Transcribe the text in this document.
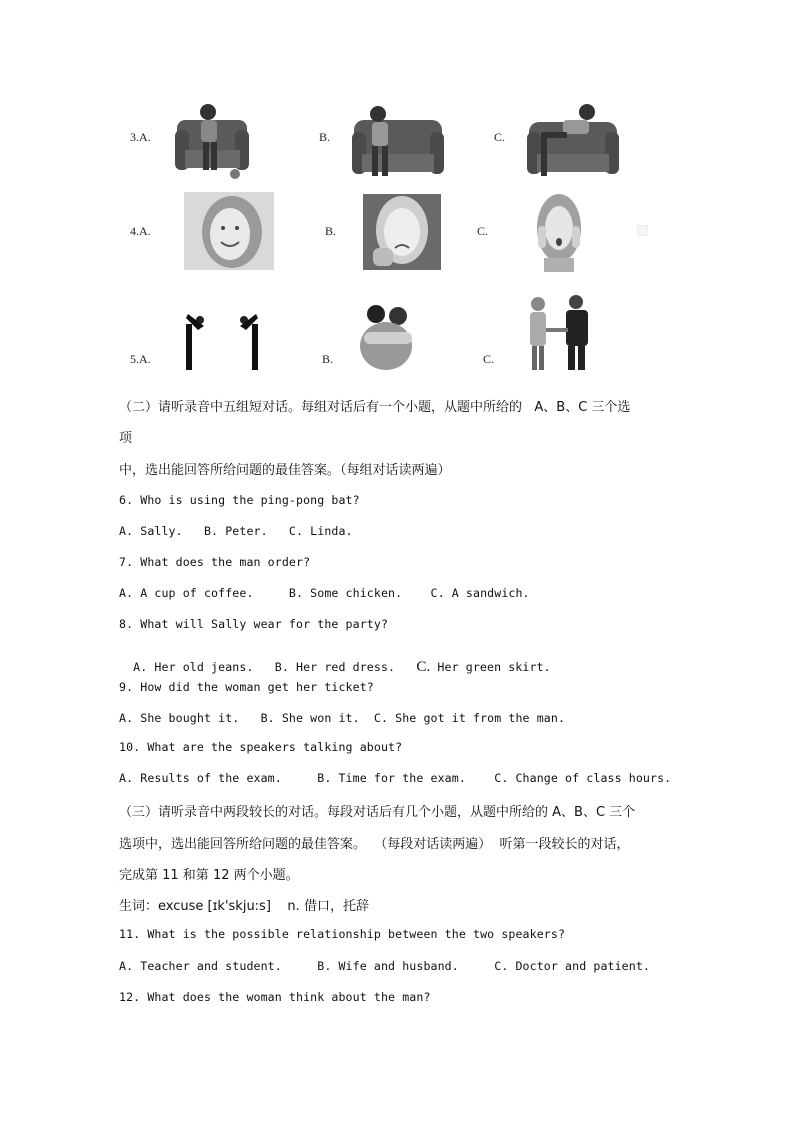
3.A.	B.	C.
4.A.	B.	C.	▨
5.A.	B.	C.
（二）请听录音中五组短对话。每组对话后有一个小题，从题中所给的   A、B、C 三个选
项
中，选出能回答所给问题的最佳答案。（每组对话读两遍）
6. Who is using the ping-pong bat?
A. Sally.   B. Peter.   C. Linda.
7. What does the man order?
A. A cup of coffee.     B. Some chicken.    C. A sandwich.
8. What will Sally wear for the party?

A. Her old jeans.   B. Her red dress.   C. Her green skirt.

9. How did the woman get her ticket?
A. She bought it.   B. She won it.  C. She got it from the man.
10. What are the speakers talking about?
A. Results of the exam.     B. Time for the exam.    C. Change of class hours.
（三）请听录音中两段较长的对话。每段对话后有几个小题，从题中所给的 A、B、C 三个
选项中，选出能回答所给问题的最佳答案。  （每段对话读两遍）  听第一段较长的对话，
完成第 11 和第 12 两个小题。
生词：excuse [ɪk'skju:s]    n. 借口，托辞
11. What is the possible relationship between the two speakers?
A. Teacher and student.     B. Wife and husband.     C. Doctor and patient.
12. What does the woman think about the man?
